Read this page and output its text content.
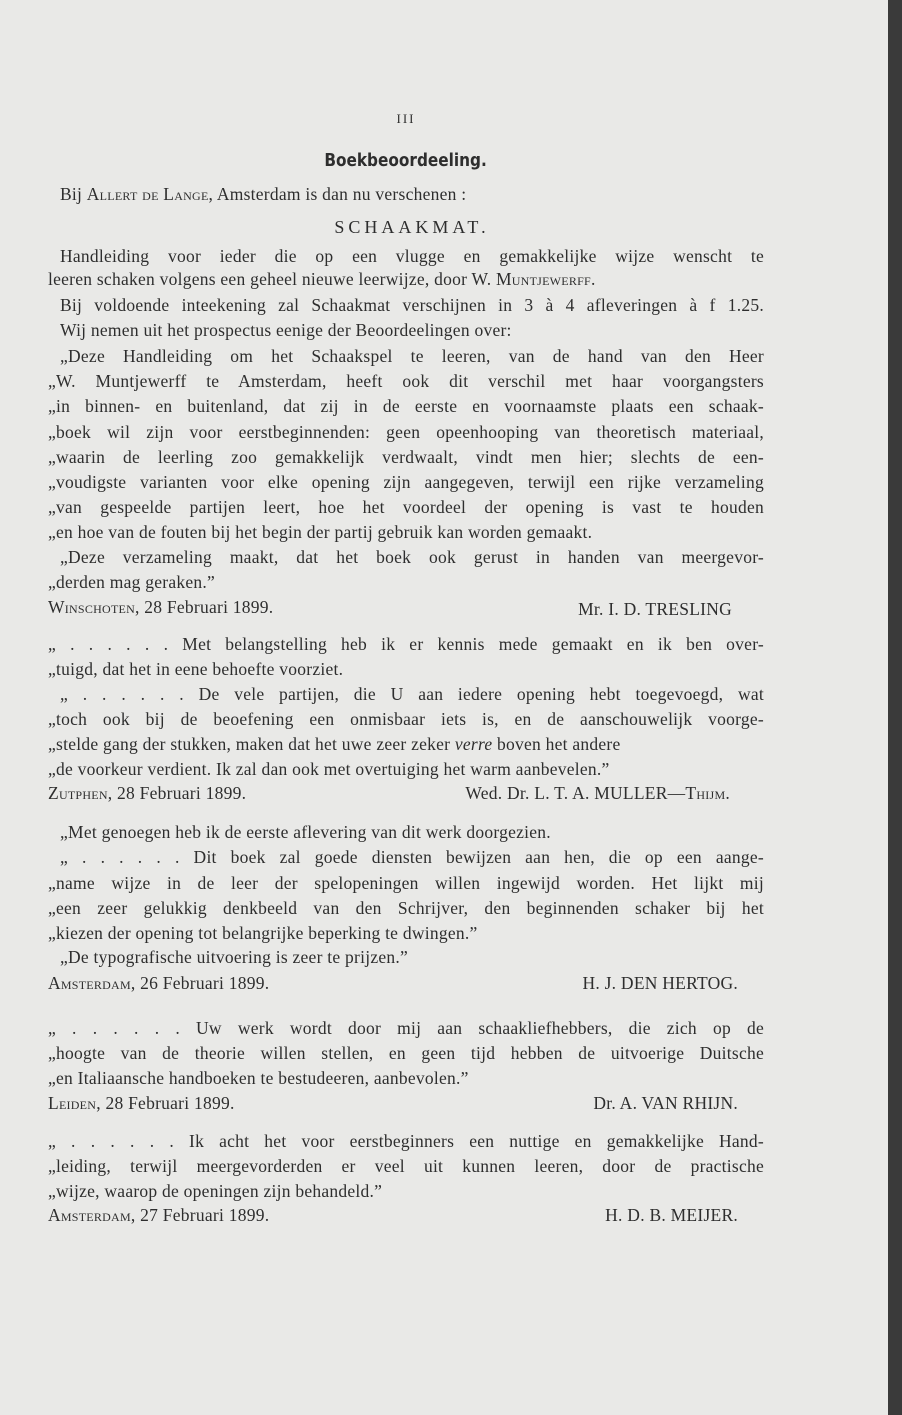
III
Boekbeoordeeling.
Bij Allert de Lange, Amsterdam is dan nu verschenen :
SCHAAKMAT.
Handleiding voor ieder die op een vlugge en gemakkelijke wijze wenscht te
leeren schaken volgens een geheel nieuwe leerwijze, door W. Muntjewerff.
Bij voldoende inteekening zal Schaakmat verschijnen in 3 à 4 afleveringen à f 1.25.
Wij nemen uit het prospectus eenige der Beoordeelingen over:
„Deze Handleiding om het Schaakspel te leeren, van de hand van den Heer
„W. Muntjewerff te Amsterdam, heeft ook dit verschil met haar voorgangsters
„in binnen- en buitenland, dat zij in de eerste en voornaamste plaats een schaak-
„boek wil zijn voor eerstbeginnenden: geen opeenhooping van theoretisch materiaal,
„waarin de leerling zoo gemakkelijk verdwaalt, vindt men hier; slechts de een-
„voudigste varianten voor elke opening zijn aangegeven, terwijl een rijke verzameling
„van gespeelde partijen leert, hoe het voordeel der opening is vast te houden
„en hoe van de fouten bij het begin der partij gebruik kan worden gemaakt.
„Deze verzameling maakt, dat het boek ook gerust in handen van meergevor-
„derden mag geraken.”
Winschoten, 28 Februari 1899.	Mr. I. D. TRESLING
„ . . . . . . Met belangstelling heb ik er kennis mede gemaakt en ik ben over-
„tuigd, dat het in eene behoefte voorziet.
„ . . . . . . De vele partijen, die U aan iedere opening hebt toegevoegd, wat
„toch ook bij de beoefening een onmisbaar iets is, en de aanschouwelijk voorge-
„stelde gang der stukken, maken dat het uwe zeer zeker verre boven het andere
„de voorkeur verdient. Ik zal dan ook met overtuiging het warm aanbevelen.”
Zutphen, 28 Februari 1899.	Wed. Dr. L. T. A. MULLER—Thijm.
„Met genoegen heb ik de eerste aflevering van dit werk doorgezien.
„ . . . . . . Dit boek zal goede diensten bewijzen aan hen, die op een aange-
„name wijze in de leer der spelopeningen willen ingewijd worden. Het lijkt mij
„een zeer gelukkig denkbeeld van den Schrijver, den beginnenden schaker bij het
„kiezen der opening tot belangrijke beperking te dwingen.”
„De typografische uitvoering is zeer te prijzen.”
Amsterdam, 26 Februari 1899.	H. J. DEN HERTOG.
„ . . . . . . Uw werk wordt door mij aan schaakliefhebbers, die zich op de
„hoogte van de theorie willen stellen, en geen tijd hebben de uitvoerige Duitsche
„en Italiaansche handboeken te bestudeeren, aanbevolen.”
Leiden, 28 Februari 1899.	Dr. A. VAN RHIJN.
„ . . . . . . Ik acht het voor eerstbeginners een nuttige en gemakkelijke Hand-
„leiding, terwijl meergevorderden er veel uit kunnen leeren, door de practische
„wijze, waarop de openingen zijn behandeld.”
Amsterdam, 27 Februari 1899.	H. D. B. MEIJER.
